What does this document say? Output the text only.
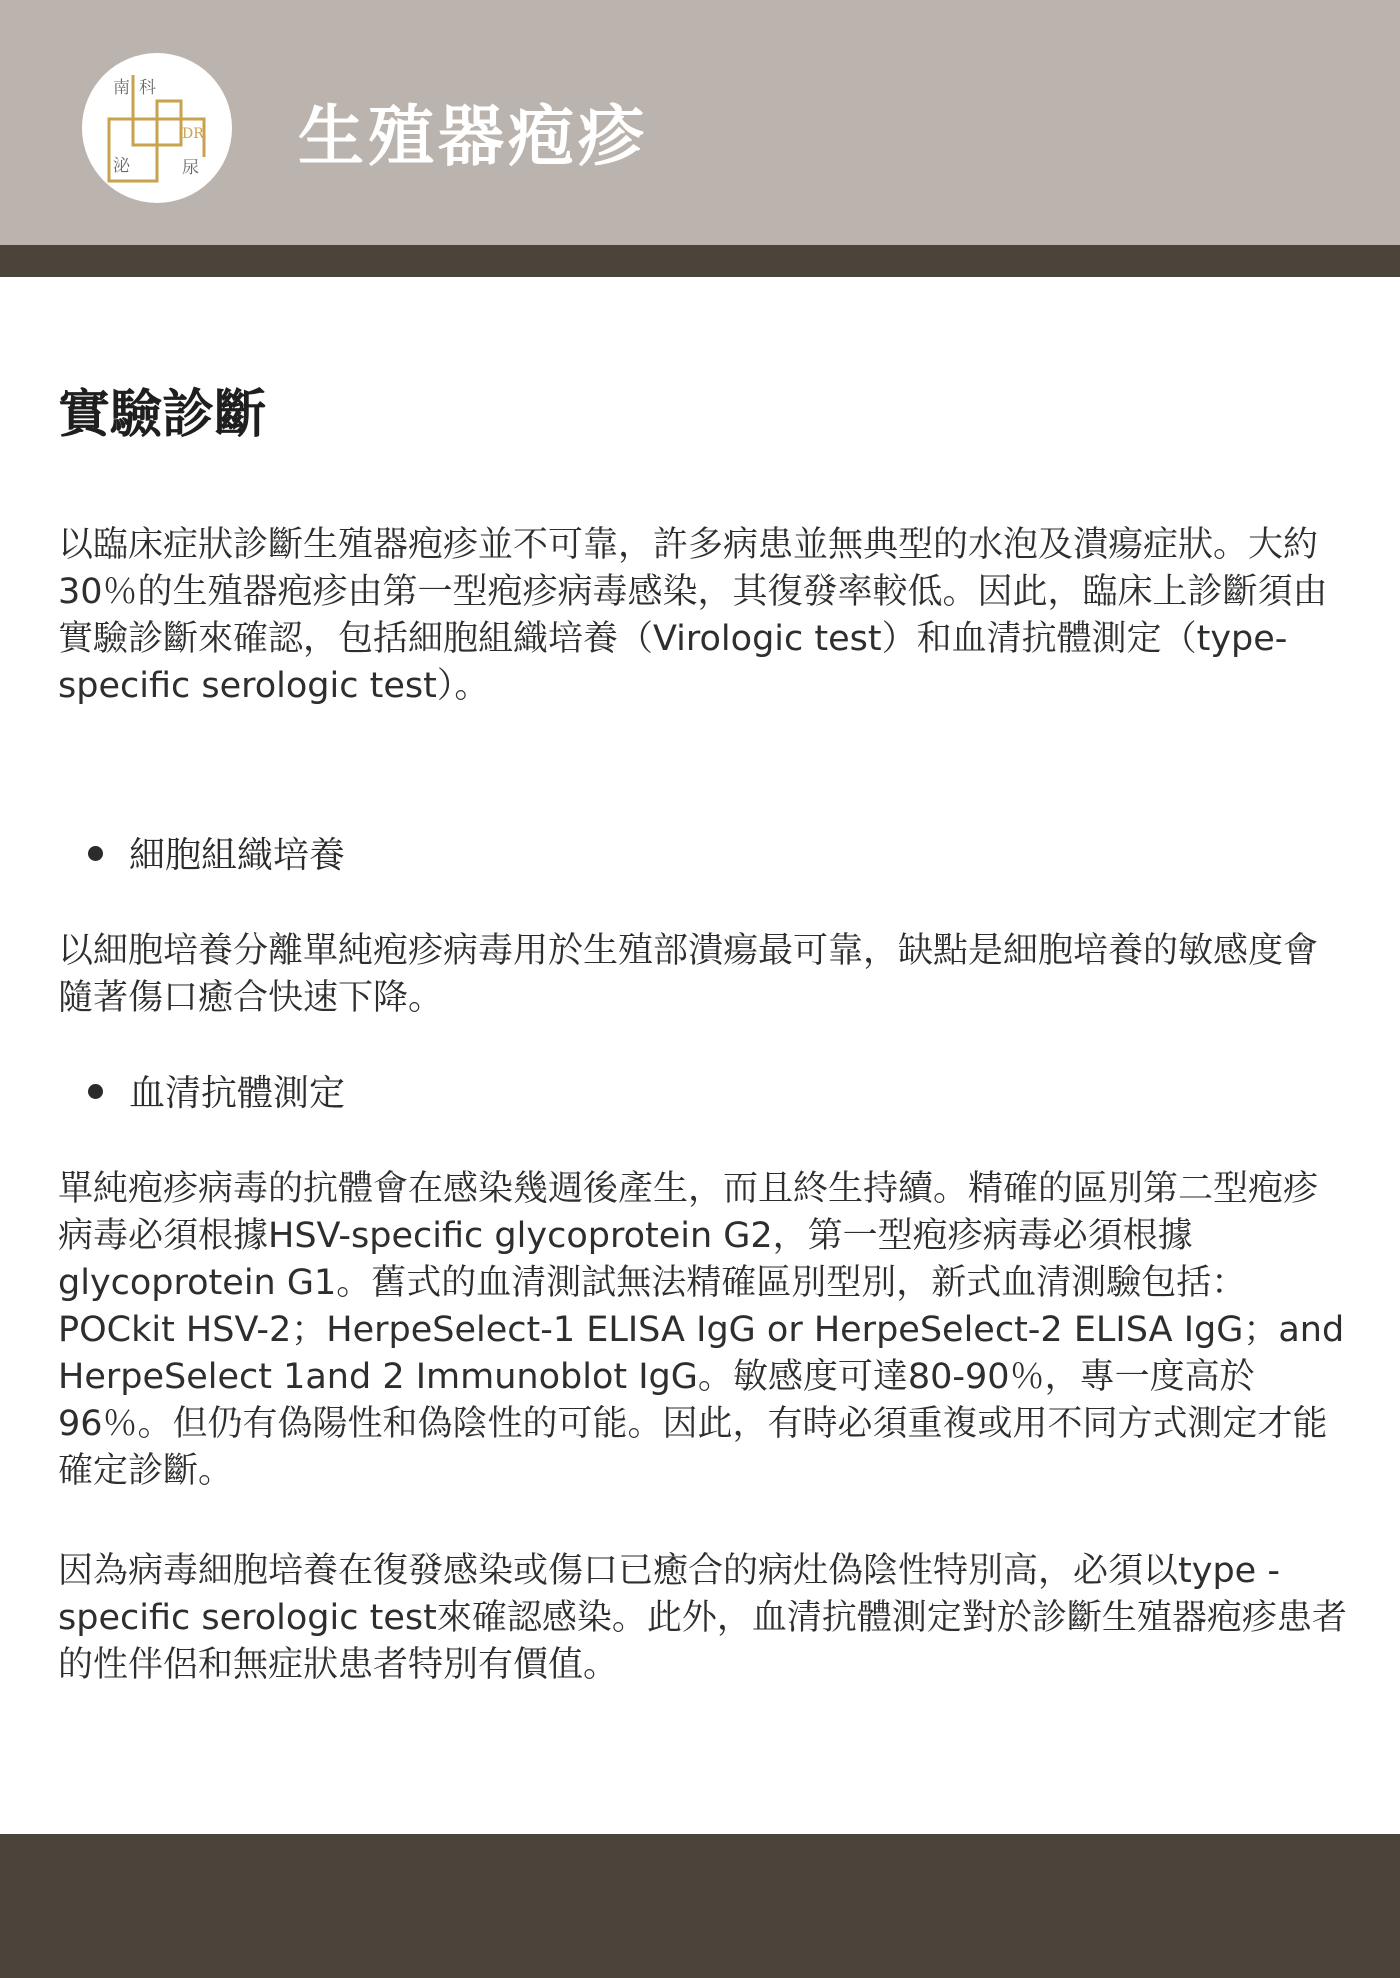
南 科
DR
泌	尿 生殖器疱疹
實驗診斷

以臨床症狀診斷生殖器疱疹並不可靠，許多病患並無典型的水泡及潰瘍症狀。大約30％的生殖器疱疹由第一型疱疹病毒感染，其復發率較低。因此，臨床上診斷須由實驗診斷來確認，包括細胞組織培養（Virologic test）和血清抗體測定（type-specific serologic test）。

細胞組織培養

以細胞培養分離單純疱疹病毒用於生殖部潰瘍最可靠，缺點是細胞培養的敏感度會隨著傷口癒合快速下降。

血清抗體測定

單純疱疹病毒的抗體會在感染幾週後產生，而且終生持續。精確的區別第二型疱疹病毒必須根據HSV-specific glycoprotein G2，第一型疱疹病毒必須根據glycoprotein G1。舊式的血清測試無法精確區別型別，新式血清測驗包括：POCkit HSV-2；HerpeSelect-1 ELISA IgG or HerpeSelect-2 ELISA IgG；and HerpeSelect 1and 2 Immunoblot IgG。敏感度可達80-90％，專一度高於96％。但仍有偽陽性和偽陰性的可能。因此，有時必須重複或用不同方式測定才能確定診斷。

因為病毒細胞培養在復發感染或傷口已癒合的病灶偽陰性特別高，必須以type -specific serologic test來確認感染。此外，血清抗體測定對於診斷生殖器疱疹患者的性伴侶和無症狀患者特別有價值。
